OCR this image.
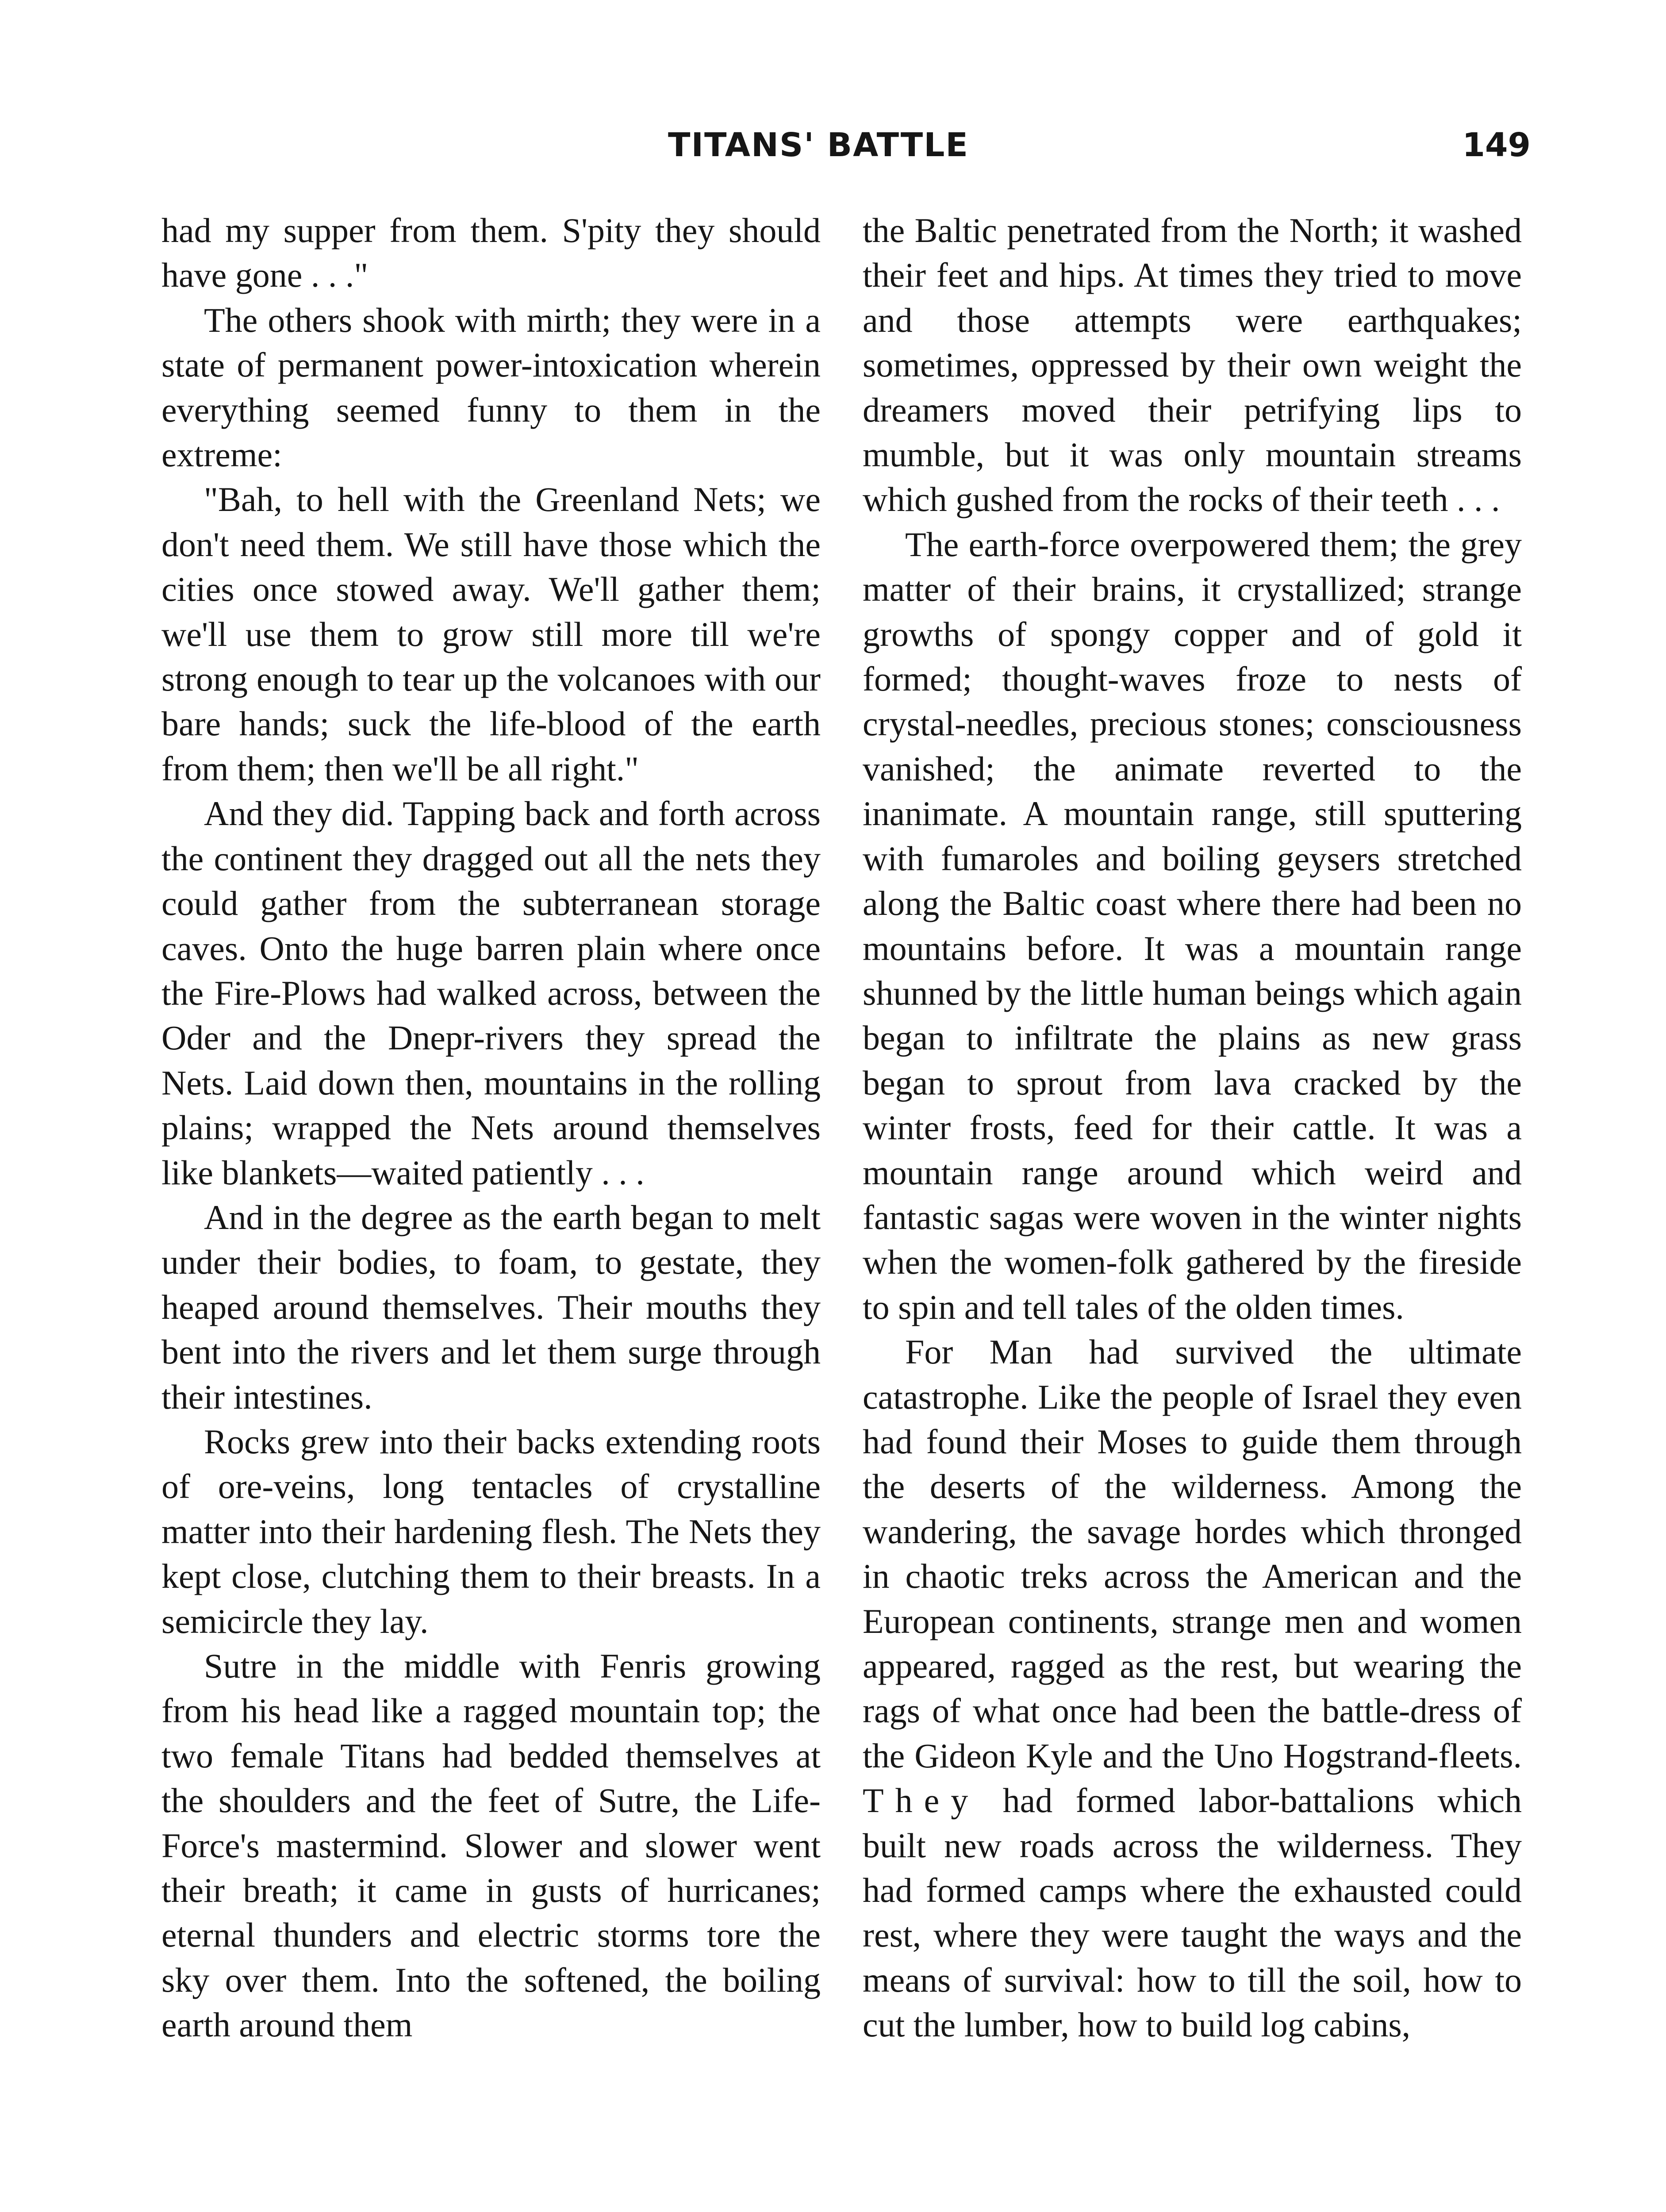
TITANS' BATTLE	149

had my supper from them. S'pity they should have gone . . ."

The others shook with mirth; they were in a state of permanent power-intoxication wherein everything seemed funny to them in the extreme:

"Bah, to hell with the Greenland Nets; we don't need them. We still have those which the cities once stowed away. We'll gather them; we'll use them to grow still more till we're strong enough to tear up the volcanoes with our bare hands; suck the life-blood of the earth from them; then we'll be all right."

And they did. Tapping back and forth across the continent they dragged out all the nets they could gather from the subterranean storage caves. Onto the huge barren plain where once the Fire-Plows had walked across, between the Oder and the Dnepr-rivers they spread the Nets. Laid down then, mountains in the rolling plains; wrapped the Nets around themselves like blankets—waited patiently . . .

And in the degree as the earth began to melt under their bodies, to foam, to gestate, they heaped around themselves. Their mouths they bent into the rivers and let them surge through their intestines.

Rocks grew into their backs extending roots of ore-veins, long tentacles of crystalline matter into their hardening flesh. The Nets they kept close, clutching them to their breasts. In a semicircle they lay.

Sutre in the middle with Fenris growing from his head like a ragged mountain top; the two female Titans had bedded themselves at the shoulders and the feet of Sutre, the Life-Force's mastermind. Slower and slower went their breath; it came in gusts of hurricanes; eternal thunders and electric storms tore the sky over them. Into the softened, the boiling earth around them

the Baltic penetrated from the North; it washed their feet and hips. At times they tried to move and those attempts were earthquakes; sometimes, oppressed by their own weight the dreamers moved their petrifying lips to mumble, but it was only mountain streams which gushed from the rocks of their teeth . . .

The earth-force overpowered them; the grey matter of their brains, it crystallized; strange growths of spongy copper and of gold it formed; thought-waves froze to nests of crystal-needles, precious stones; consciousness vanished; the animate reverted to the inanimate. A mountain range, still sputtering with fumaroles and boiling geysers stretched along the Baltic coast where there had been no mountains before. It was a mountain range shunned by the little human beings which again began to infiltrate the plains as new grass began to sprout from lava cracked by the winter frosts, feed for their cattle. It was a mountain range around which weird and fantastic sagas were woven in the winter nights when the women-folk gathered by the fireside to spin and tell tales of the olden times.

For Man had survived the ultimate catastrophe. Like the people of Israel they even had found their Moses to guide them through the deserts of the wilderness. Among the wandering, the savage hordes which thronged in chaotic treks across the American and the European continents, strange men and women appeared, ragged as the rest, but wearing the rags of what once had been the battle-dress of the Gideon Kyle and the Uno Hogstrand-fleets. They had formed labor-battalions which built new roads across the wilderness. They had formed camps where the exhausted could rest, where they were taught the ways and the means of survival: how to till the soil, how to cut the lumber, how to build log cabins,
